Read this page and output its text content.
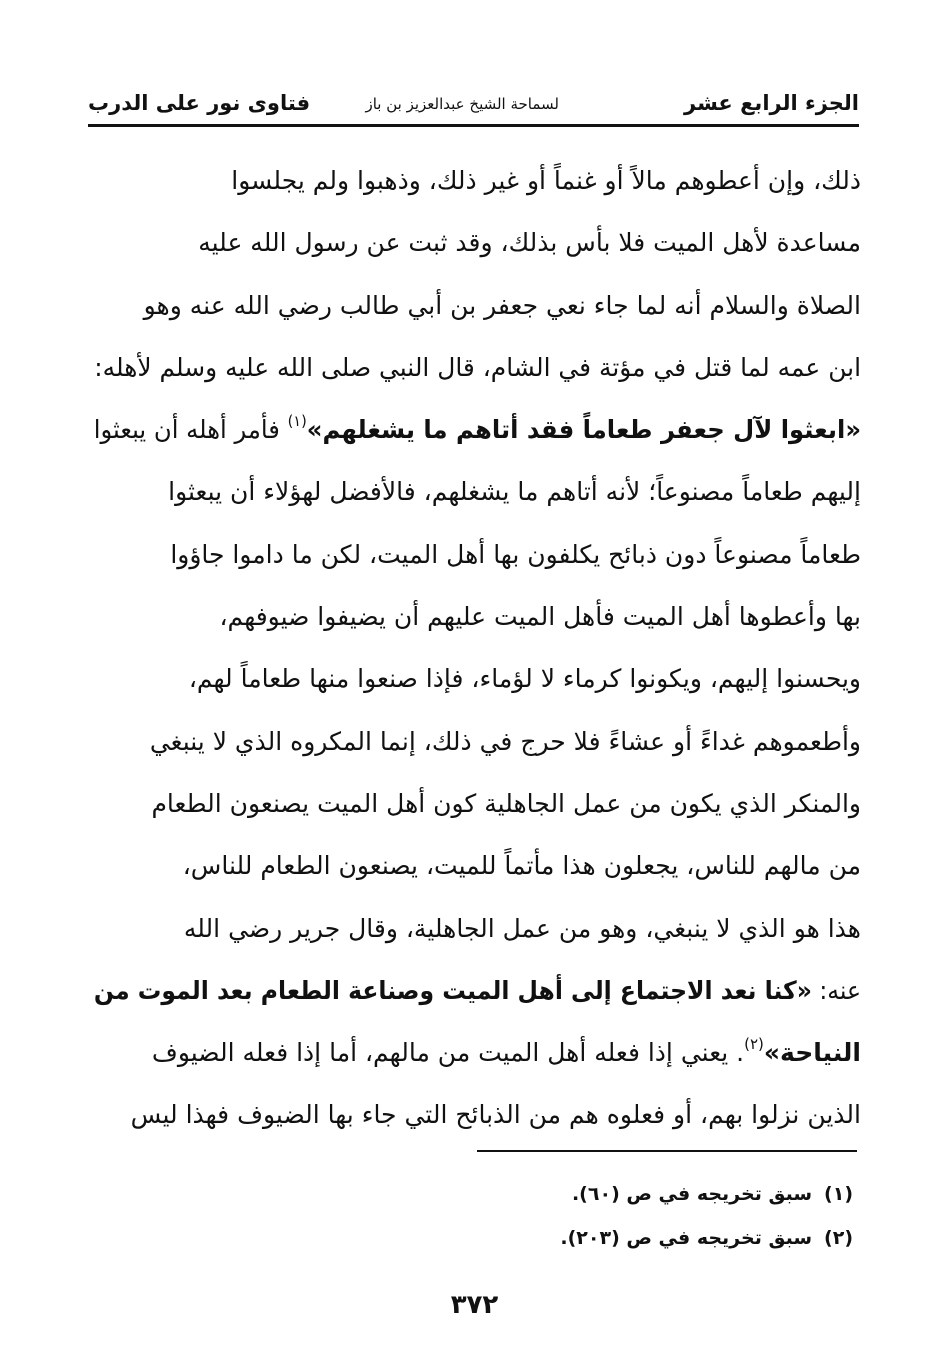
فتاوى نور على الدرب	لسماحة الشيخ عبدالعزيز بن باز	الجزء الرابع عشر
ذلك، وإن أعطوهم مالاً أو غنماً أو غير ذلك، وذهبوا ولم يجلسوا
مساعدة لأهل الميت فلا بأس بذلك، وقد ثبت عن رسول الله عليه
الصلاة والسلام أنه لما جاء نعي جعفر بن أبي طالب رضي الله عنه وهو
ابن عمه لما قتل في مؤتة في الشام، قال النبي صلى الله عليه وسلم لأهله:
«ابعثوا لآل جعفر طعاماً فقد أتاهم ما يشغلهم»$^{(١)}$ فأمر أهله أن يبعثوا
إليهم طعاماً مصنوعاً؛ لأنه أتاهم ما يشغلهم، فالأفضل لهؤلاء أن يبعثوا
طعاماً مصنوعاً دون ذبائح يكلفون بها أهل الميت، لكن ما داموا جاؤوا
بها وأعطوها أهل الميت فأهل الميت عليهم أن يضيفوا ضيوفهم،
ويحسنوا إليهم، ويكونوا كرماء لا لؤماء، فإذا صنعوا منها طعاماً لهم،
وأطعموهم غداءً أو عشاءً فلا حرج في ذلك، إنما المكروه الذي لا ينبغي
والمنكر الذي يكون من عمل الجاهلية كون أهل الميت يصنعون الطعام
من مالهم للناس، يجعلون هذا مأتماً للميت، يصنعون الطعام للناس،
هذا هو الذي لا ينبغي، وهو من عمل الجاهلية، وقال جرير رضي الله
عنه: «كنا نعد الاجتماع إلى أهل الميت وصناعة الطعام بعد الموت من
النياحة»$^{(٢)}$. يعني إذا فعله أهل الميت من مالهم، أما إذا فعله الضيوف
الذين نزلوا بهم، أو فعلوه هم من الذبائح التي جاء بها الضيوف فهذا ليس
(١)سبق تخريجه في ص (٦٠).
(٢)سبق تخريجه في ص (٢٠٣).
٣٧٢
